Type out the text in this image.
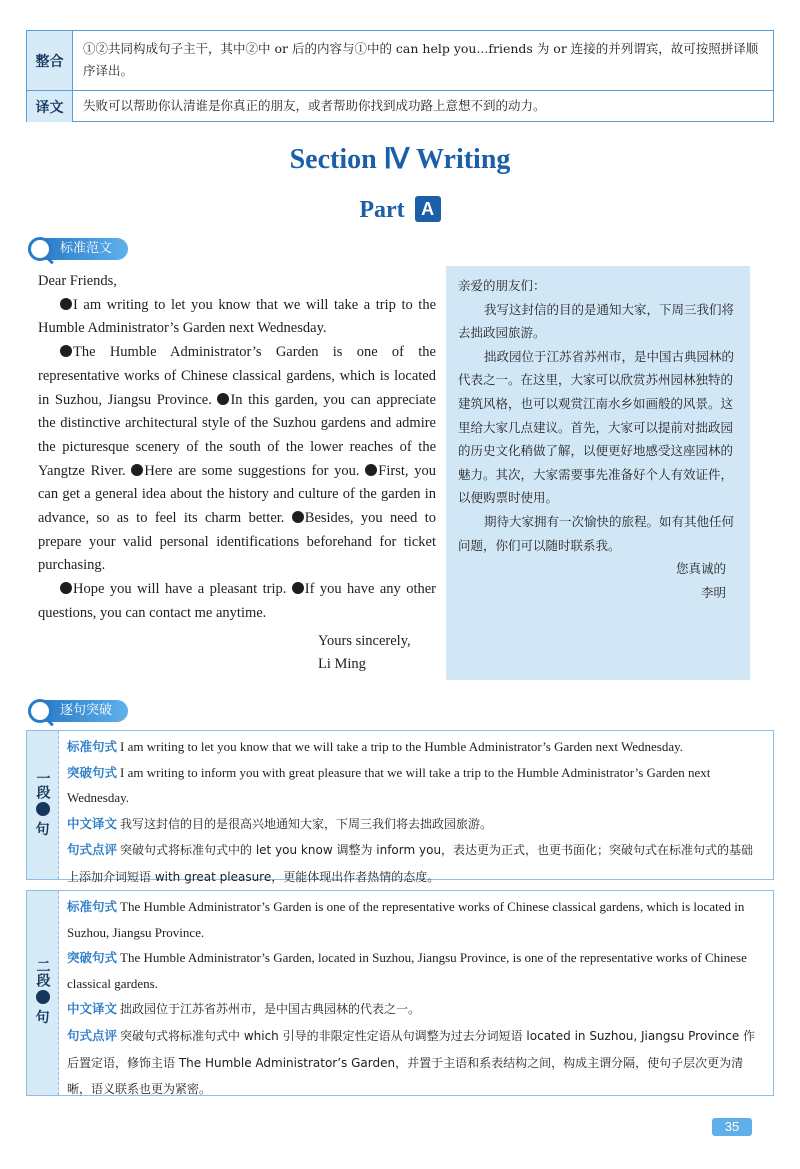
整合
①②共同构成句子主干，其中②中 or 后的内容与①中的 can help you...friends 为 or 连接的并列谓宾，故可按照拼译顺序译出。
译文	失败可以帮助你认清谁是你真正的朋友，或者帮助你找到成功路上意想不到的动力。
Section Ⅳ Writing
Part A
标准范文

Dear Friends,

I am writing to let you know that we will take a trip to the Humble Administrator’s Garden next Wednesday.

The Humble Administrator’s Garden is one of the representative works of Chinese classical gardens, which is located in Suzhou, Jiangsu Province. In this garden, you can appreciate the distinctive architectural style of the Suzhou gardens and admire the picturesque scenery of the south of the lower reaches of the Yangtze River. Here are some suggestions for you. First, you can get a general idea about the history and culture of the garden in advance, so as to feel its charm better. Besides, you need to prepare your valid personal identifications beforehand for ticket purchasing.

Hope you will have a pleasant trip. If you have any other questions, you can contact me anytime.

Yours sincerely,

Li Ming

亲爱的朋友们：

我写这封信的目的是通知大家，下周三我们将去拙政园旅游。

拙政园位于江苏省苏州市，是中国古典园林的代表之一。在这里，大家可以欣赏苏州园林独特的建筑风格，也可以观赏江南水乡如画般的风景。这里给大家几点建议。首先，大家可以提前对拙政园的历史文化稍做了解，以便更好地感受这座园林的魅力。其次，大家需要事先准备好个人有效证件，以便购票时使用。

期待大家拥有一次愉快的旅程。如有其他任何问题，你们可以随时联系我。

您真诚的

李明

逐句突破
一段
句

标准句式 I am writing to let you know that we will take a trip to the Humble Administrator’s Garden next Wednesday.

突破句式 I am writing to inform you with great pleasure that we will take a trip to the Humble Administrator’s Garden next Wednesday.

中文译文 我写这封信的目的是很高兴地通知大家，下周三我们将去拙政园旅游。

句式点评 突破句式将标准句式中的 let you know 调整为 inform you，表达更为正式，也更书面化；突破句式在标准句式的基础上添加介词短语 with great pleasure，更能体现出作者热情的态度。

二段
句

标准句式 The Humble Administrator’s Garden is one of the representative works of Chinese classical gardens, which is located in Suzhou, Jiangsu Province.

突破句式 The Humble Administrator’s Garden, located in Suzhou, Jiangsu Province, is one of the representative works of Chinese classical gardens.

中文译文 拙政园位于江苏省苏州市，是中国古典园林的代表之一。

句式点评 突破句式将标准句式中 which 引导的非限定性定语从句调整为过去分词短语 located in Suzhou, Jiangsu Province 作后置定语，修饰主语 The Humble Administrator’s Garden，并置于主语和系表结构之间，构成主谓分隔，使句子层次更为清晰，语义联系也更为紧密。

35
